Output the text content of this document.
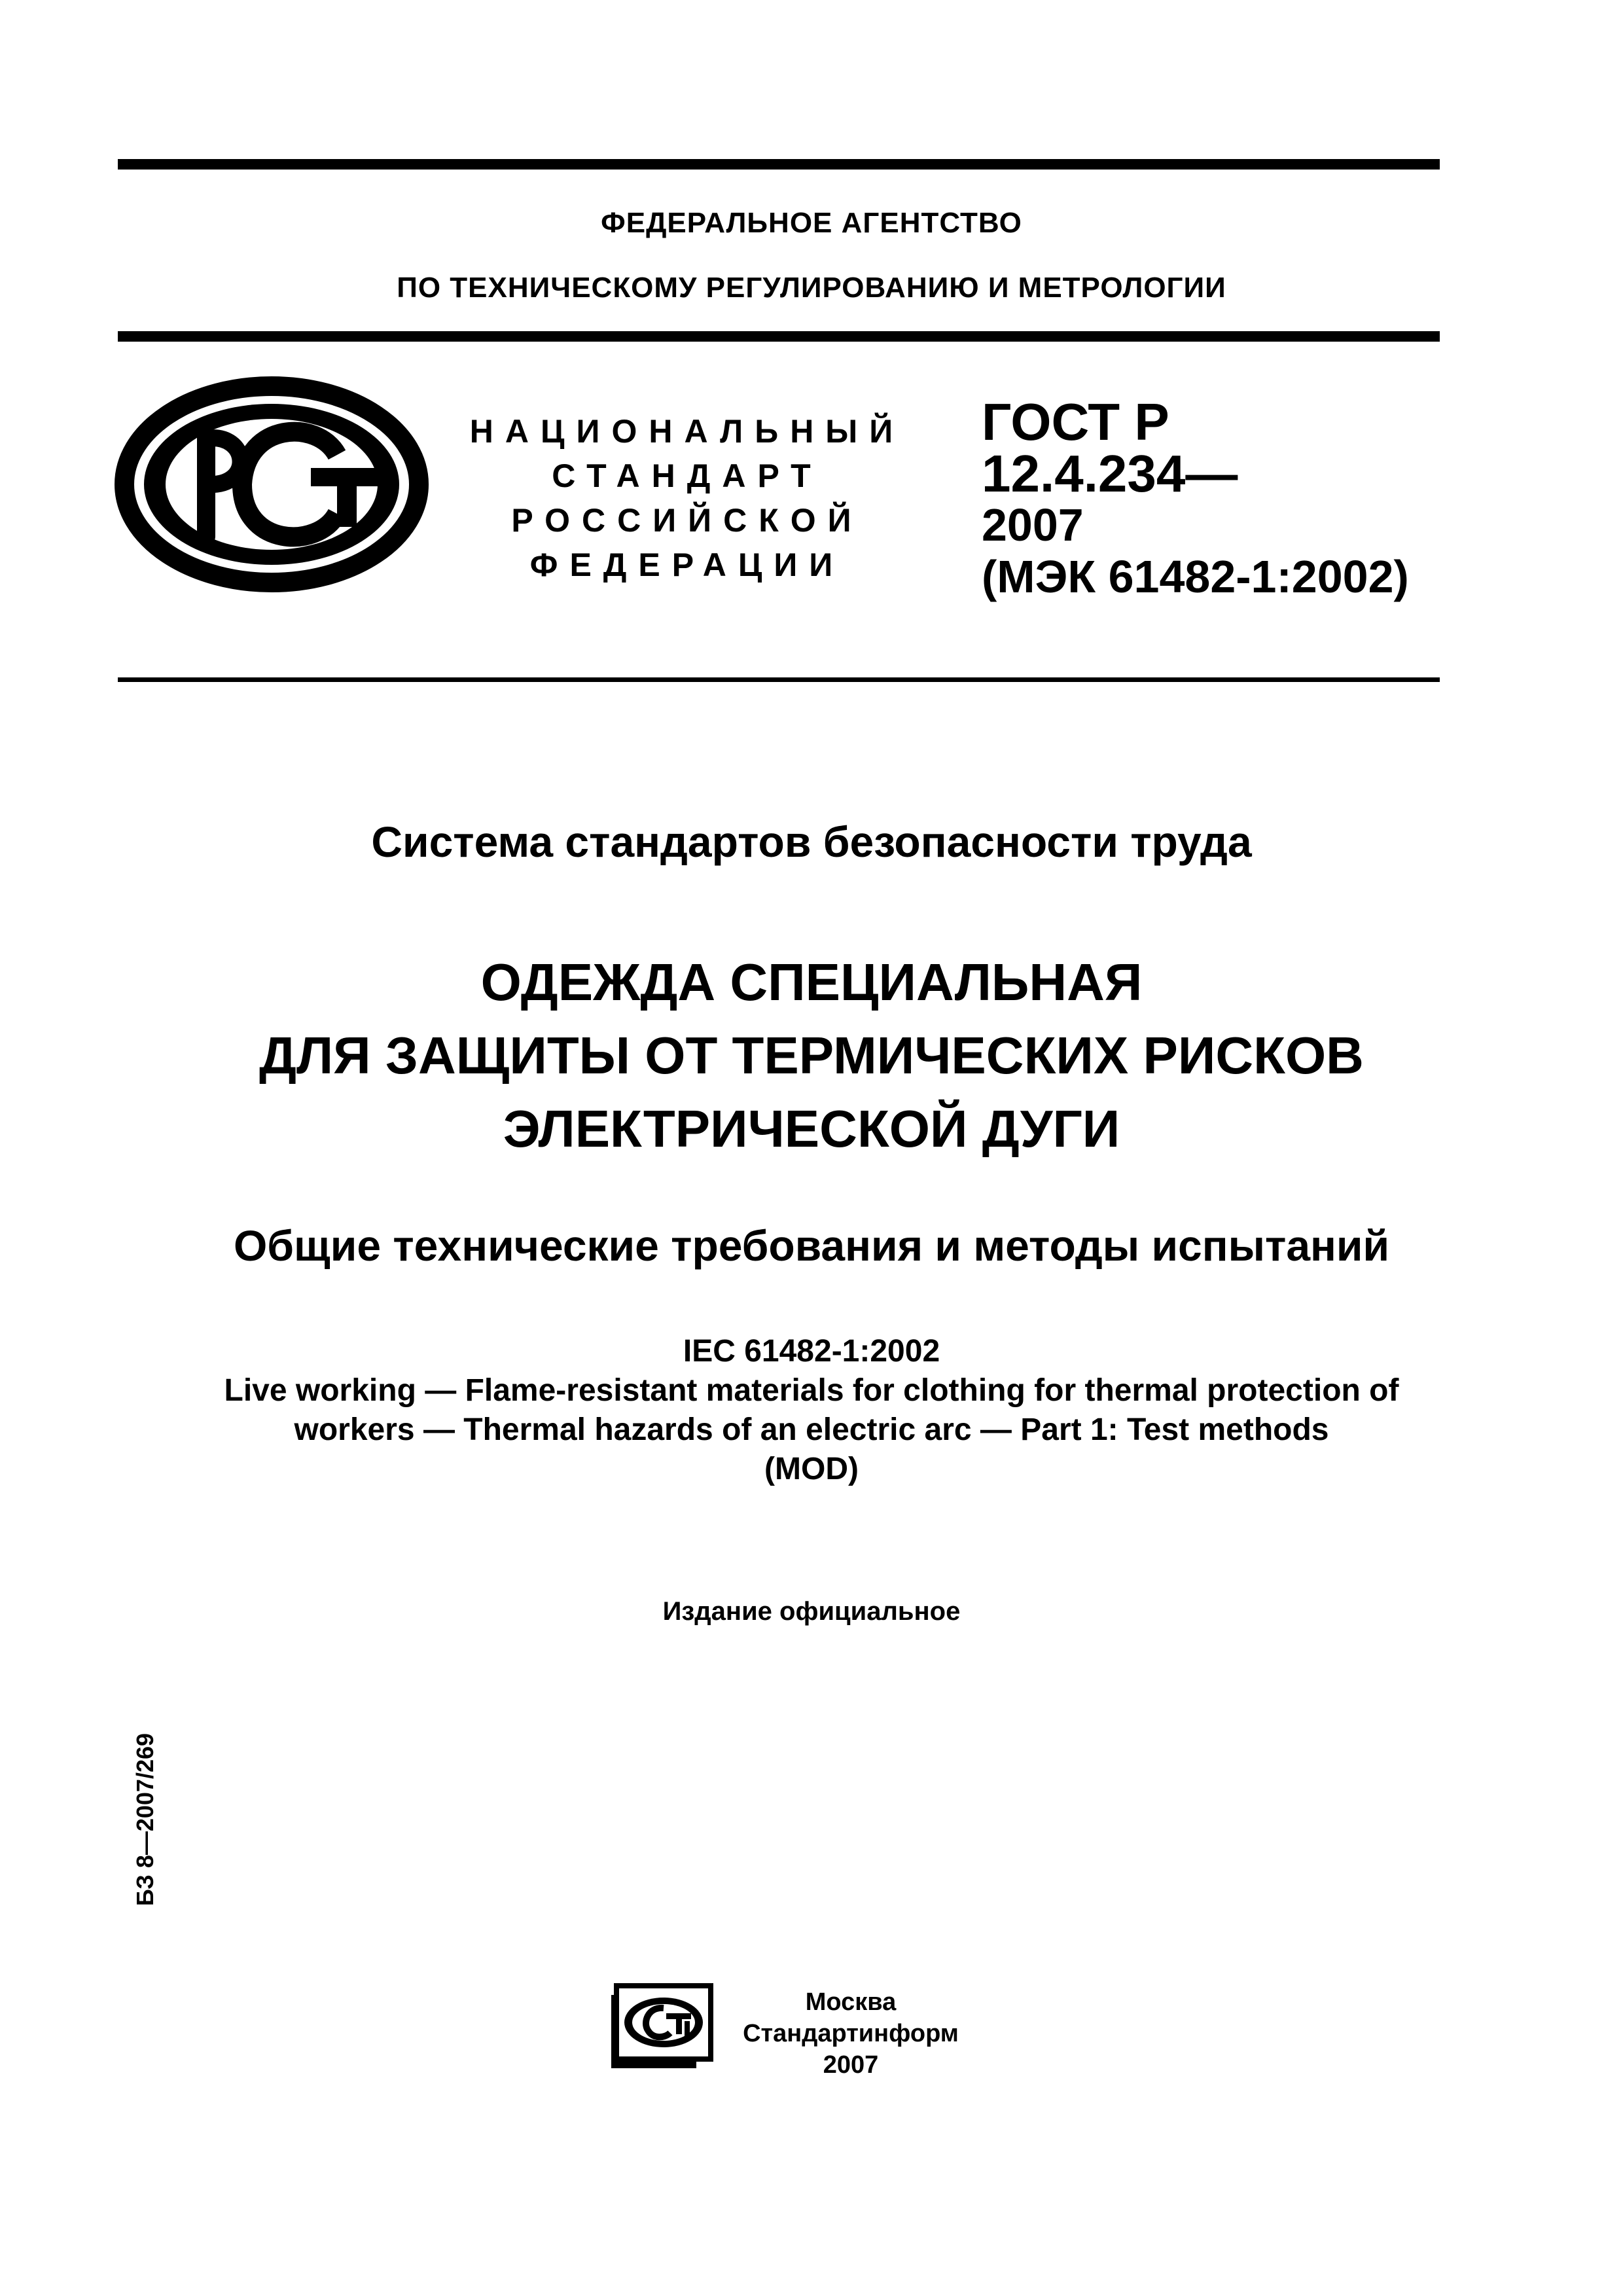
ФЕДЕРАЛЬНОЕ АГЕНТСТВО
ПО ТЕХНИЧЕСКОМУ РЕГУЛИРОВАНИЮ И МЕТРОЛОГИИ
НАЦИОНАЛЬНЫЙ
СТАНДАРТ
РОССИЙСКОЙ
ФЕДЕРАЦИИ
ГОСТ Р
12.4.234—
2007
(МЭК 61482-1:2002)
Система стандартов безопасности труда
ОДЕЖДА СПЕЦИАЛЬНАЯ
ДЛЯ ЗАЩИТЫ ОТ ТЕРМИЧЕСКИХ РИСКОВ
ЭЛЕКТРИЧЕСКОЙ ДУГИ
Общие технические требования и методы испытаний
IEC 61482-1:2002
Live working — Flame-resistant materials for clothing for thermal protection of
workers — Thermal hazards of an electric arc — Part 1: Test methods
(MOD)
Издание официальное
БЗ 8—2007/269
Москва
Стандартинформ
2007
